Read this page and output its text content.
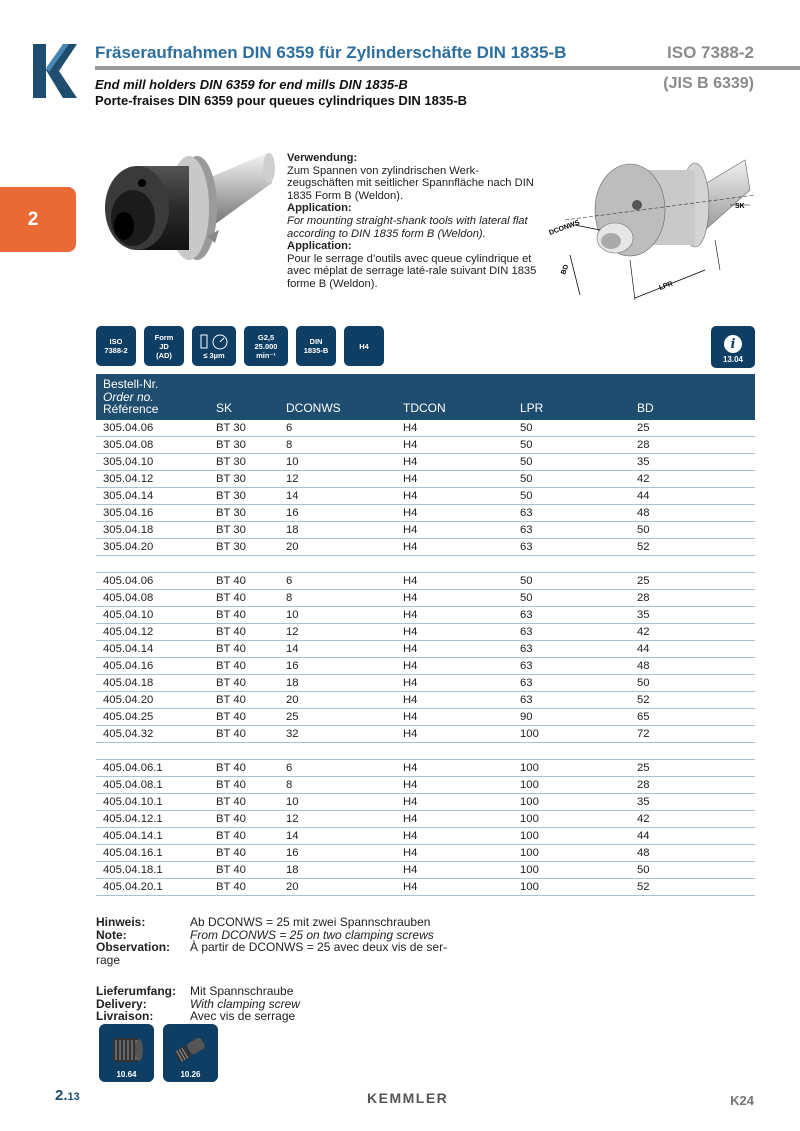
Fräseraufnahmen DIN 6359 für Zylinderschäfte DIN 1835-B	ISO 7388-2
End mill holders DIN 6359 for end mills DIN 1835-B
Porte-fraises DIN 6359 pour queues cylindriques DIN 1835-B
(JIS B 6339)
2
Verwendung:
Zum Spannen von zylindrischen Werk-zeugschäften mit seitlicher Spannfläche nach DIN 1835 Form B (Weldon).
Application:
For mounting straight-shank tools with lateral flat according to DIN 1835 form B (Weldon).
Application:
Pour le serrage d’outils avec queue cylindrique et avec méplat de serrage laté-rale suivant DIN 1835 forme B (Weldon).
DCONWS
BD
LPR
SK
ISO
7388-2
Form
JD
(AD)	≤ 3µm
G2,5
25.000
min⁻¹
DIN
1835-B	H4	i
13.04
Bestell-Nr.
Order no.
Référence	SK	DCONWS	TDCON	LPR	BD
305.04.06	BT 30	6	H4	50	25
305.04.08	BT 30	8	H4	50	28
305.04.10	BT 30	10	H4	50	35
305.04.12	BT 30	12	H4	50	42
305.04.14	BT 30	14	H4	50	44
305.04.16	BT 30	16	H4	63	48
305.04.18	BT 30	18	H4	63	50
305.04.20	BT 30	20	H4	63	52
405.04.06	BT 40	6	H4	50	25
405.04.08	BT 40	8	H4	50	28
405.04.10	BT 40	10	H4	63	35
405.04.12	BT 40	12	H4	63	42
405.04.14	BT 40	14	H4	63	44
405.04.16	BT 40	16	H4	63	48
405.04.18	BT 40	18	H4	63	50
405.04.20	BT 40	20	H4	63	52
405.04.25	BT 40	25	H4	90	65
405.04.32	BT 40	32	H4	100	72
405.04.06.1	BT 40	6	H4	100	25
405.04.08.1	BT 40	8	H4	100	28
405.04.10.1	BT 40	10	H4	100	35
405.04.12.1	BT 40	12	H4	100	42
405.04.14.1	BT 40	14	H4	100	44
405.04.16.1	BT 40	16	H4	100	48
405.04.18.1	BT 40	18	H4	100	50
405.04.20.1	BT 40	20	H4	100	52
Hinweis:
Note:
Observation:
Ab DCONWS = 25 mit zwei Spannschrauben
From DCONWS = 25 on two clamping screws
À partir de DCONWS = 25 avec deux vis de ser-rage
Lieferumfang:
Delivery:
Livraison:
Mit Spannschraube
With clamping screw
Avec vis de serrage
10.64	10.26
2.13	KEMMLER	K24
